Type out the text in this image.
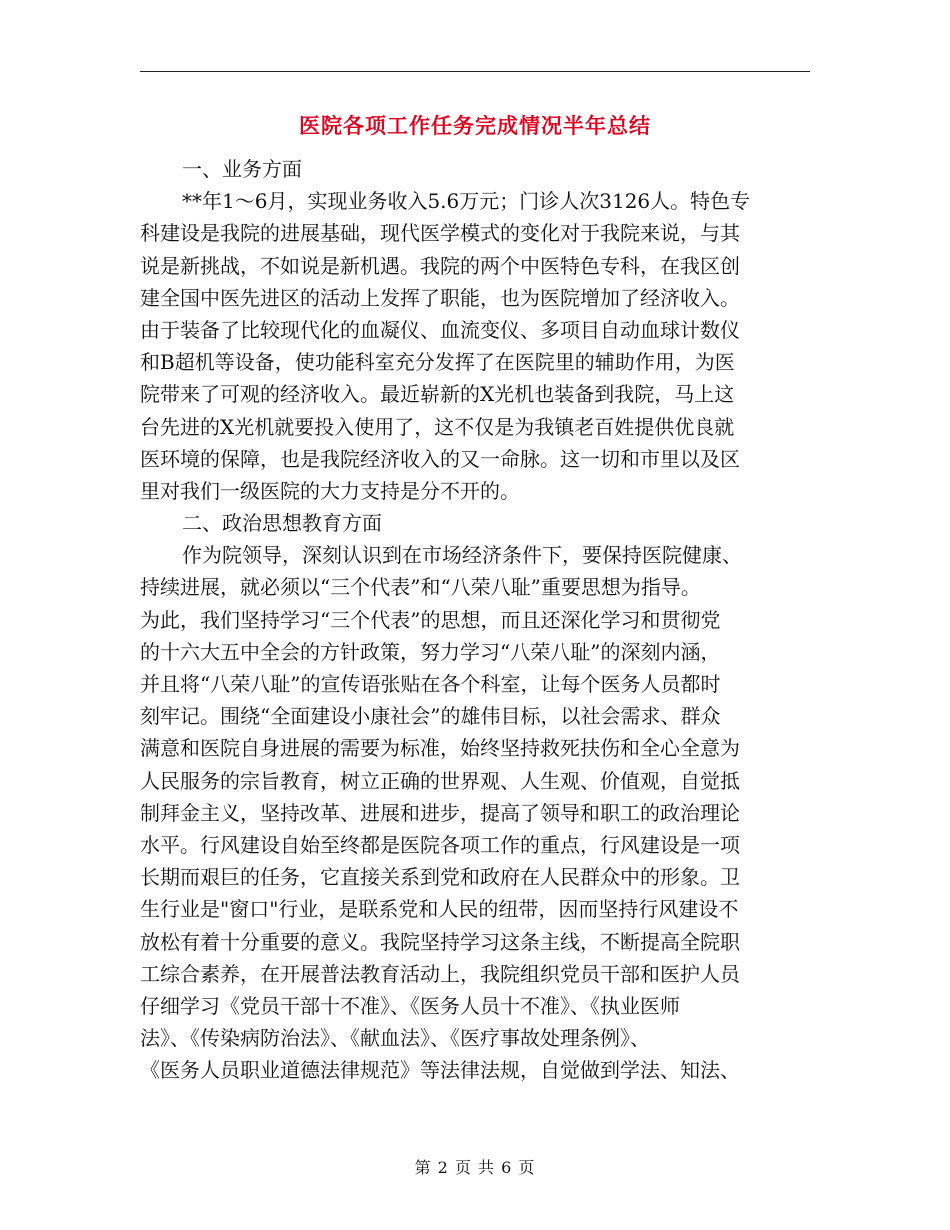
医院各项工作任务完成情况半年总结
一、业务方面
**年1～6月，实现业务收入5.6万元；门诊人次3126人。特色专
科建设是我院的进展基础，现代医学模式的变化对于我院来说，与其
说是新挑战，不如说是新机遇。我院的两个中医特色专科，在我区创
建全国中医先进区的活动上发挥了职能，也为医院增加了经济收入。
由于装备了比较现代化的血凝仪、血流变仪、多项目自动血球计数仪
和B超机等设备，使功能科室充分发挥了在医院里的辅助作用，为医
院带来了可观的经济收入。最近崭新的X光机也装备到我院，马上这
台先进的X光机就要投入使用了，这不仅是为我镇老百姓提供优良就
医环境的保障，也是我院经济收入的又一命脉。这一切和市里以及区
里对我们一级医院的大力支持是分不开的。
二、政治思想教育方面
作为院领导，深刻认识到在市场经济条件下，要保持医院健康、
持续进展，就必须以“三个代表”和“八荣八耻”重要思想为指导。
为此，我们坚持学习“三个代表”的思想，而且还深化学习和贯彻党
的十六大五中全会的方针政策，努力学习“八荣八耻”的深刻内涵，
并且将“八荣八耻”的宣传语张贴在各个科室，让每个医务人员都时
刻牢记。围绕“全面建设小康社会”的雄伟目标，以社会需求、群众
满意和医院自身进展的需要为标准，始终坚持救死扶伤和全心全意为
人民服务的宗旨教育，树立正确的世界观、人生观、价值观，自觉抵
制拜金主义，坚持改革、进展和进步，提高了领导和职工的政治理论
水平。行风建设自始至终都是医院各项工作的重点，行风建设是一项
长期而艰巨的任务，它直接关系到党和政府在人民群众中的形象。卫
生行业是"窗口"行业，是联系党和人民的纽带，因而坚持行风建设不
放松有着十分重要的意义。我院坚持学习这条主线，不断提高全院职
工综合素养，在开展普法教育活动上，我院组织党员干部和医护人员
仔细学习《党员干部十不准》、《医务人员十不准》、《执业医师
法》、《传染病防治法》、《献血法》、《医疗事故处理条例》、
《医务人员职业道德法律规范》等法律法规，自觉做到学法、知法、
第 2 页 共 6 页
